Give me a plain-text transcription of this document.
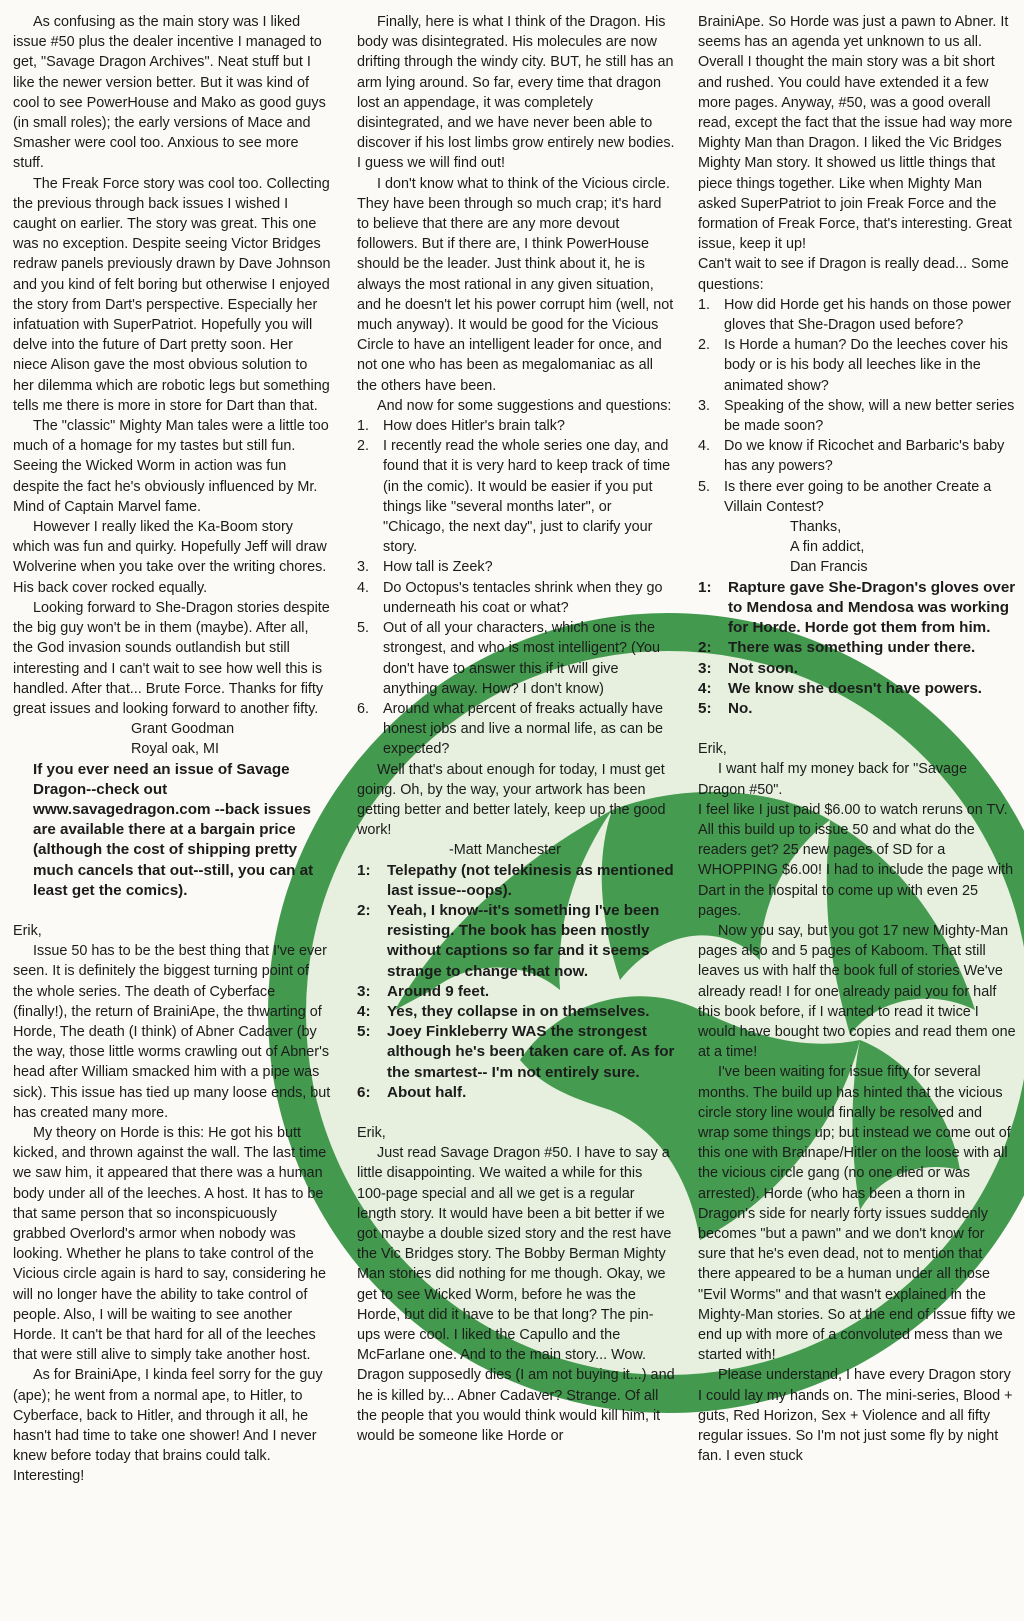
As confusing as the main story was I liked issue #50 plus the dealer incentive I managed to get, "Savage Dragon Archives". Neat stuff but I like the newer version better. But it was kind of cool to see PowerHouse and Mako as good guys (in small roles); the early versions of Mace and Smasher were cool too. Anxious to see more stuff.

The Freak Force story was cool too. Collecting the previous through back issues I wished I caught on earlier. The story was great. This one was no exception. Despite seeing Victor Bridges redraw panels previously drawn by Dave Johnson and you kind of felt boring but otherwise I enjoyed the story from Dart's perspective. Especially her infatuation with SuperPatriot. Hopefully you will delve into the future of Dart pretty soon. Her niece Alison gave the most obvious solution to her dilemma which are robotic legs but something tells me there is more in store for Dart than that.

The "classic" Mighty Man tales were a little too much of a homage for my tastes but still fun. Seeing the Wicked Worm in action was fun despite the fact he's obviously influenced by Mr. Mind of Captain Marvel fame.

However I really liked the Ka-Boom story which was fun and quirky. Hopefully Jeff will draw Wolverine when you take over the writing chores. His back cover rocked equally.

Looking forward to She-Dragon stories despite the big guy won't be in them (maybe). After all, the God invasion sounds outlandish but still interesting and I can't wait to see how well this is handled. After that... Brute Force. Thanks for fifty great issues and looking forward to another fifty.

Grant Goodman

Royal oak, MI

If you ever need an issue of Savage Dragon--check out www.savagedragon.com --back issues are available there at a bargain price (although the cost of shipping pretty much cancels that out--still, you can at least get the comics).

Erik,

Issue 50 has to be the best thing that I've ever seen. It is definitely the biggest turning point of the whole series. The death of Cyberface (finally!), the return of BrainiApe, the thwarting of Horde, The death (I think) of Abner Cadaver (by the way, those little worms crawling out of Abner's head after William smacked him with a pipe was sick). This issue has tied up many loose ends, but has created many more.

My theory on Horde is this: He got his butt kicked, and thrown against the wall. The last time we saw him, it appeared that there was a human body under all of the leeches. A host. It has to be that same person that so inconspicuously grabbed Overlord's armor when nobody was looking. Whether he plans to take control of the Vicious circle again is hard to say, considering he will no longer have the ability to take control of people. Also, I will be waiting to see another Horde. It can't be that hard for all of the leeches that were still alive to simply take another host.

As for BrainiApe, I kinda feel sorry for the guy (ape); he went from a normal ape, to Hitler, to Cyberface, back to Hitler, and through it all, he hasn't had time to take one shower! And I never knew before today that brains could talk. Interesting!

Finally, here is what I think of the Dragon. His body was disintegrated. His molecules are now drifting through the windy city. BUT, he still has an arm lying around. So far, every time that dragon lost an appendage, it was completely disintegrated, and we have never been able to discover if his lost limbs grow entirely new bodies. I guess we will find out!

I don't know what to think of the Vicious circle. They have been through so much crap; it's hard to believe that there are any more devout followers. But if there are, I think PowerHouse should be the leader. Just think about it, he is always the most rational in any given situation, and he doesn't let his power corrupt him (well, not much anyway). It would be good for the Vicious Circle to have an intelligent leader for once, and not one who has been as megalomaniac as all the others have been.

And now for some suggestions and questions:

1. How does Hitler's brain talk?
2. I recently read the whole series one day, and found that it is very hard to keep track of time (in the comic). It would be easier if you put things like "several months later", or "Chicago, the next day", just to clarify your story.
3. How tall is Zeek?
4. Do Octopus's tentacles shrink when they go underneath his coat or what?
5. Out of all your characters, which one is the strongest, and who is most intelligent? (You don't have to answer this if it will give anything away. How? I don't know)
6. Around what percent of freaks actually have honest jobs and live a normal life, as can be expected?

Well that's about enough for today, I must get going. Oh, by the way, your artwork has been getting better and better lately, keep up the good work!

-Matt Manchester

1: Telepathy (not telekinesis as mentioned last issue--oops).
2: Yeah, I know--it's something I've been resisting. The book has been mostly without captions so far and it seems strange to change that now.
3: Around 9 feet.
4: Yes, they collapse in on themselves.
5: Joey Finkleberry WAS the strongest although he's been taken care of. As for the smartest-- I'm not entirely sure.
6: About half.

Erik,

Just read Savage Dragon #50. I have to say a little disappointing. We waited a while for this 100-page special and all we get is a regular length story. It would have been a bit better if we got maybe a double sized story and the rest have the Vic Bridges story. The Bobby Berman Mighty Man stories did nothing for me though. Okay, we get to see Wicked Worm, before he was the Horde, but did it have to be that long? The pin-ups were cool. I liked the Capullo and the McFarlane one. And to the main story... Wow. Dragon supposedly dies (I am not buying it...) and he is killed by... Abner Cadaver? Strange. Of all the people that you would think would kill him, it would be someone like Horde or

BrainiApe. So Horde was just a pawn to Abner. It seems has an agenda yet unknown to us all. Overall I thought the main story was a bit short and rushed. You could have extended it a few more pages. Anyway, #50, was a good overall read, except the fact that the issue had way more Mighty Man than Dragon. I liked the Vic Bridges Mighty Man story. It showed us little things that piece things together. Like when Mighty Man asked SuperPatriot to join Freak Force and the formation of Freak Force, that's interesting. Great issue, keep it up!

Can't wait to see if Dragon is really dead... Some questions:

1. How did Horde get his hands on those power gloves that She-Dragon used before?
2. Is Horde a human? Do the leeches cover his body or is his body all leeches like in the animated show?
3. Speaking of the show, will a new better series be made soon?
4. Do we know if Ricochet and Barbaric's baby has any powers?
5. Is there ever going to be another Create a Villain Contest?

Thanks,

A fin addict,

Dan Francis

1: Rapture gave She-Dragon's gloves over to Mendosa and Mendosa was working for Horde. Horde got them from him.
2: There was something under there.
3: Not soon.
4: We know she doesn't have powers.
5: No.

Erik,

I want half my money back for "Savage Dragon #50".

I feel like I just paid $6.00 to watch reruns on TV. All this build up to issue 50 and what do the readers get? 25 new pages of SD for a WHOPPING $6.00! I had to include the page with Dart in the hospital to come up with even 25 pages.

Now you say, but you got 17 new Mighty-Man pages also and 5 pages of Kaboom. That still leaves us with half the book full of stories We've already read! I for one already paid you for half this book before, if I wanted to read it twice I would have bought two copies and read them one at a time!

I've been waiting for issue fifty for several months. The build up has hinted that the vicious circle story line would finally be resolved and wrap some things up; but instead we come out of this one with Brainape/Hitler on the loose with all the vicious circle gang (no one died or was arrested). Horde (who has been a thorn in Dragon's side for nearly forty issues suddenly becomes "but a pawn" and we don't know for sure that he's even dead, not to mention that there appeared to be a human under all those "Evil Worms" and that wasn't explained in the Mighty-Man stories. So at the end of issue fifty we end up with more of a convoluted mess than we started with!

Please understand, I have every Dragon story I could lay my hands on. The mini-series, Blood + guts, Red Horizon, Sex + Violence and all fifty regular issues. So I'm not just some fly by night fan. I even stuck
